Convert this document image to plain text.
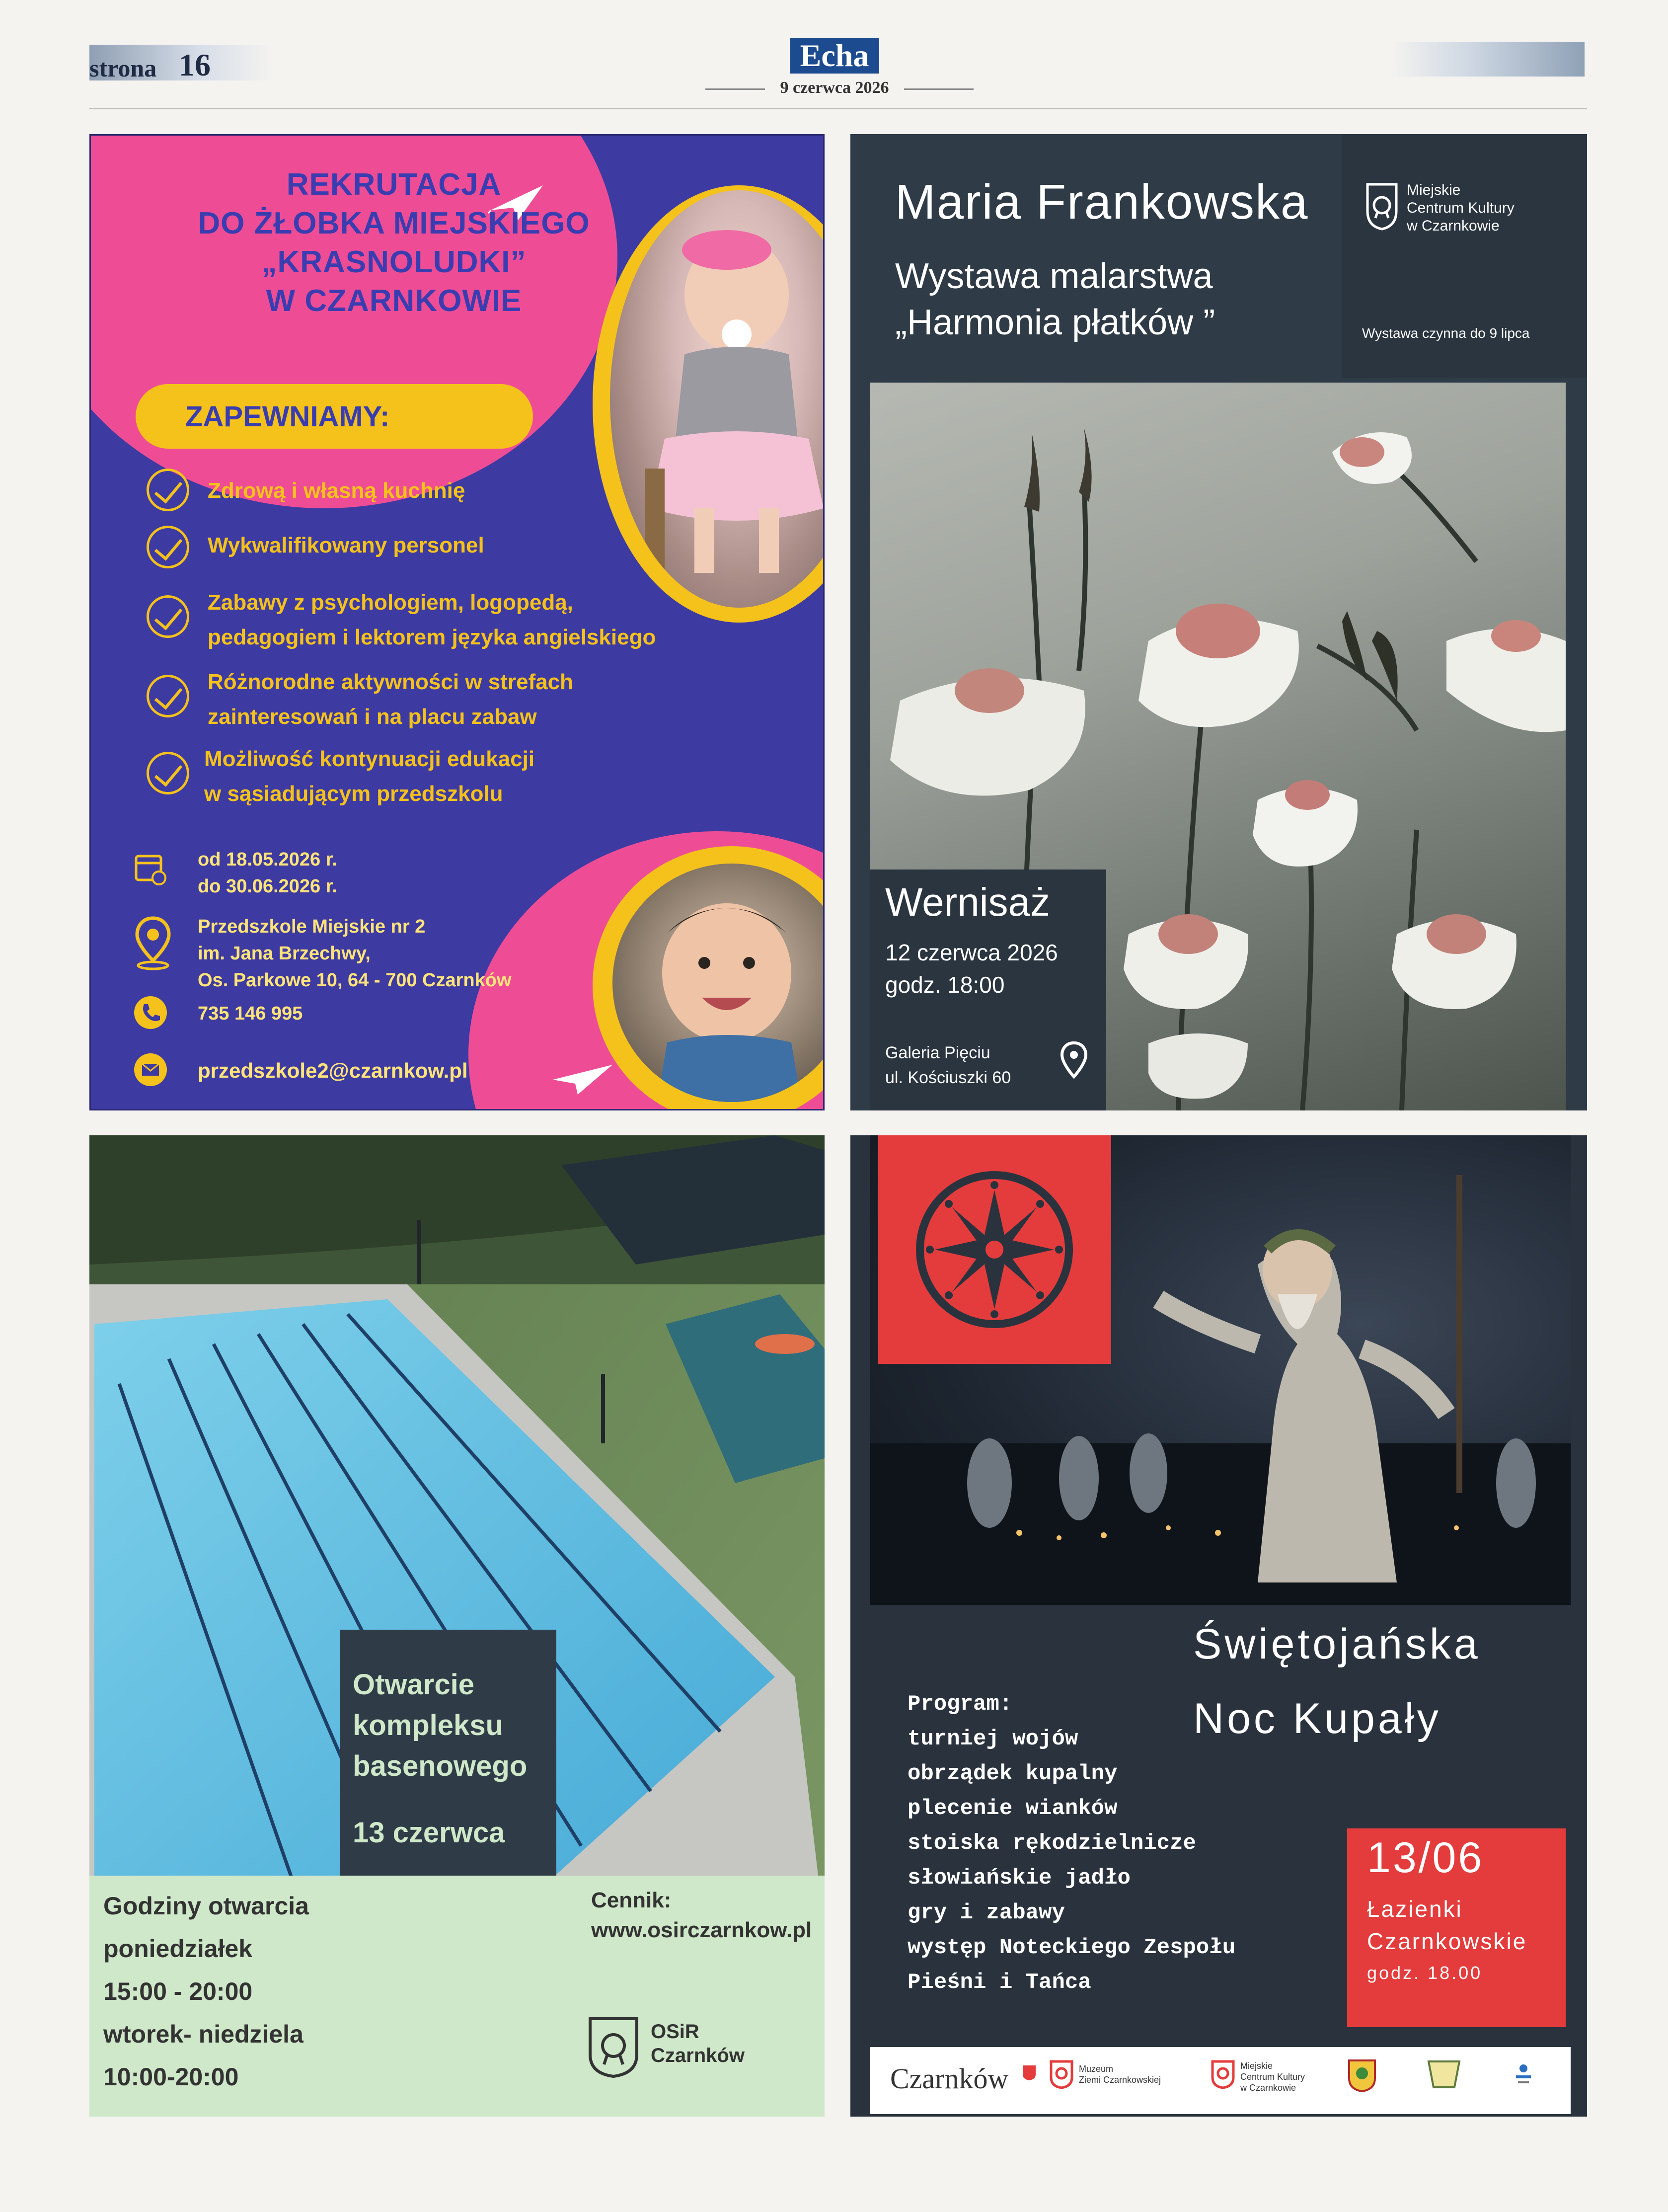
strona 16	Echa
9 czerwca 2026
REKRUTACJA
DO ŻŁOBKA MIEJSKIEGO
„KRASNOLUDKI”
W CZARNKOWIE
ZAPEWNIAMY:
Zdrową i własną kuchnię
Wykwalifikowany personel
Zabawy z psychologiem, logopedą,
pedagogiem i lektorem języka angielskiego
Różnorodne aktywności w strefach
zainteresowań i na placu zabaw
Możliwość kontynuacji edukacji
w sąsiadującym przedszkolu
od 18.05.2026 r.
do 30.06.2026 r.
Przedszkole Miejskie nr 2
im. Jana Brzechwy,
Os. Parkowe 10, 64 - 700 Czarnków
735 146 995
przedszkole2@czarnkow.pl
Maria Frankowska
Wystawa malarstwa
„Harmonia płatków ”
Miejskie
Centrum Kultury
w Czarnkowie
Wystawa czynna do 9 lipca
Wernisaż
12 czerwca 2026
godz. 18:00
Galeria Pięciu
ul. Kościuszki 60
Otwarcie
kompleksu
basenowego
13 czerwca
Godziny otwarcia
poniedziałek
15:00 - 20:00
wtorek- niedziela
10:00-20:00
Cennik:
www.osirczarnkow.pl
OSiR
Czarnków
Świętojańska
Noc Kupały
Program:
turniej wojów
obrządek kupalny
plecenie wianków
stoiska rękodzielnicze
słowiańskie jadło
gry i zabawy
występ Noteckiego Zespołu
Pieśni i Tańca
13/06
Łazienki
Czarnkowskie
godz. 18.00
Czarnków	Muzeum
Ziemi Czarnkowskiej
Miejskie
Centrum Kultury
w Czarnkowie
